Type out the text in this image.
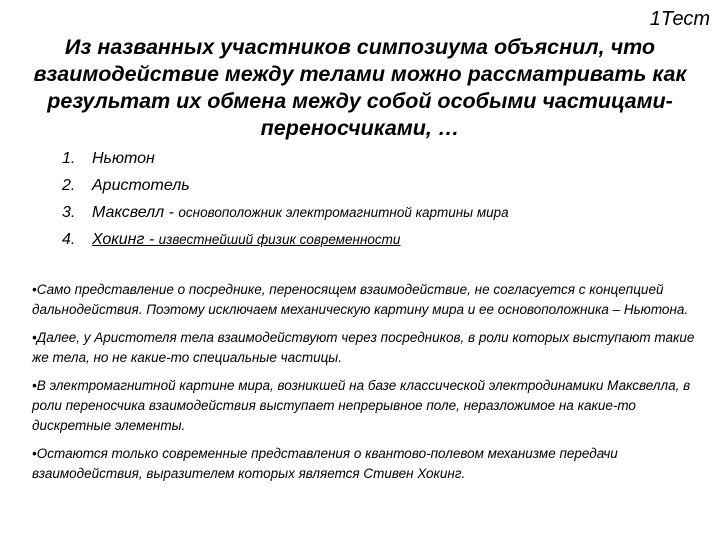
1Тест
Из названных участников симпозиума объяснил, что взаимодействие между телами можно рассматривать как результат их обмена между собой особыми частицами-переносчиками, …
1. Ньютон
2. Аристотель
3. Максвелл - основоположник электромагнитной картины мира
4. Хокинг - известнейший физик современности

•Само представление о посреднике, переносящем взаимодействие, не согласуется с концепцией дальнодействия. Поэтому исключаем механическую картину мира и ее основоположника – Ньютона.

•Далее, у Аристотеля тела взаимодействуют через посредников, в роли которых выступают такие же тела, но не какие-то специальные частицы.

•В электромагнитной картине мира, возникшей на базе классической электродинамики Максвелла, в роли переносчика взаимодействия выступает непрерывное поле, неразложимое на какие-то дискретные элементы.

•Остаются только современные представления о квантово-полевом механизме передачи взаимодействия, выразителем которых является Стивен Хокинг.
